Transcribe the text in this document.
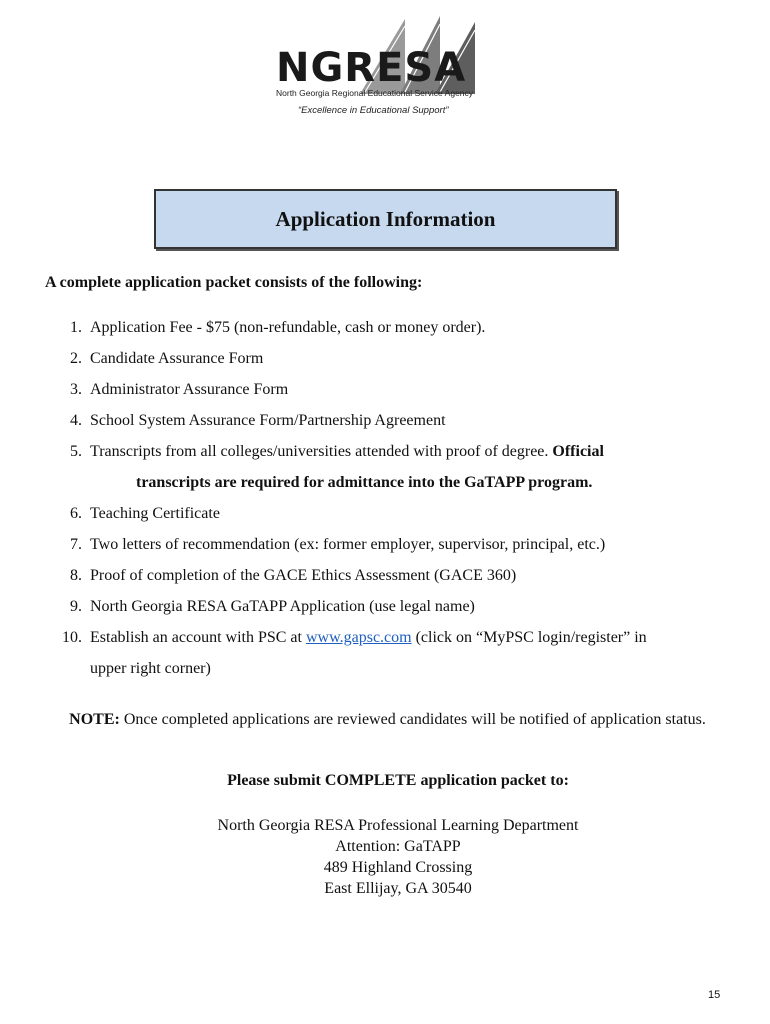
NGRESA
North Georgia Regional Educational Service Agency
“Excellence in Educational Support”
Application Information
A complete application packet consists of the following:
1. Application Fee - $75 (non-refundable, cash or money order).
2. Candidate Assurance Form
3. Administrator Assurance Form
4. School System Assurance Form/Partnership Agreement
5. Transcripts from all colleges/universities attended with proof of degree. Official
transcripts are required for admittance into the GaTAPP program.
6. Teaching Certificate
7. Two letters of recommendation (ex: former employer, supervisor, principal, etc.)
8. Proof of completion of the GACE Ethics Assessment (GACE 360)
9. North Georgia RESA GaTAPP Application (use legal name)
10. Establish an account with PSC at www.gapsc.com (click on “MyPSC login/register” in
upper right corner)
NOTE: Once completed applications are reviewed candidates will be notified of application status.
Please submit COMPLETE application packet to:
North Georgia RESA Professional Learning Department
Attention: GaTAPP
489 Highland Crossing
East Ellijay, GA 30540
15
